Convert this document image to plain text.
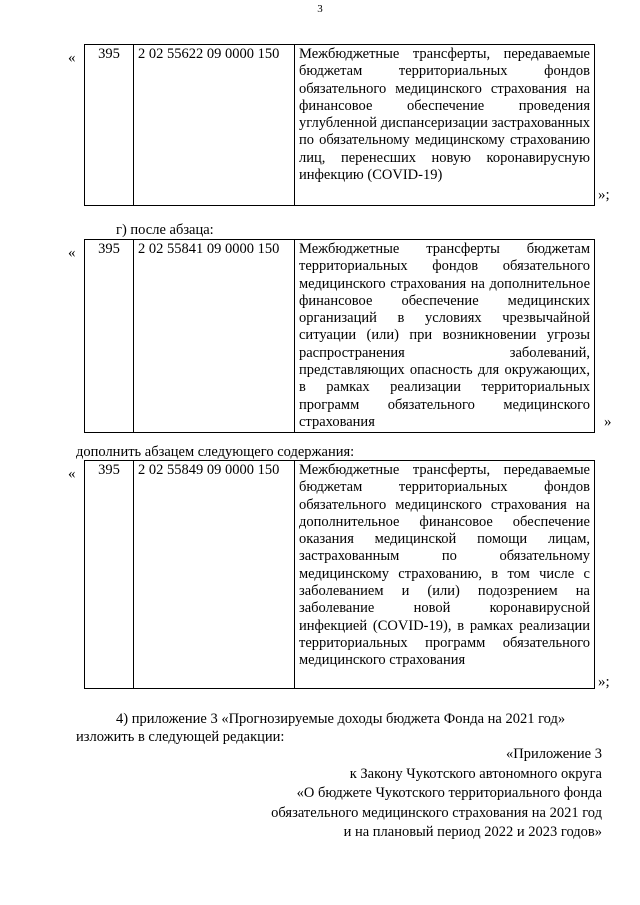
3
« 395	2 02 55622 09 0000 150	Межбюджетные трансферты, передаваемые бюджетам территориальных фондов обязательного медицинского страхования на финансовое обеспечение проведения углубленной диспансеризации застрахованных по обязательному медицинскому страхованию лиц, перенесших новую коронавирусную инфекцию (COVID-19)
»;
г) после абзаца:
« 395	2 02 55841 09 0000 150	Межбюджетные трансферты бюджетам территориальных фондов обязательного медицинского страхования на дополнительное финансовое обеспечение медицинских организаций в условиях чрезвычайной ситуации (или) при возникновении угрозы распространения заболеваний, представляющих опасность для окружающих, в рамках реализации территориальных программ обязательного медицинского страхования	»
дополнить абзацем следующего содержания:
« 395	2 02 55849 09 0000 150	Межбюджетные трансферты, передаваемые бюджетам территориальных фондов обязательного медицинского страхования на дополнительное финансовое обеспечение оказания медицинской помощи лицам, застрахованным по обязательному медицинскому страхованию, в том числе с заболеванием и (или) подозрением на заболевание новой коронавирусной инфекцией (COVID-19), в рамках реализации территориальных программ обязательного медицинского страхования
»;
4) приложение 3 «Прогнозируемые доходы бюджета Фонда на 2021 год»
изложить в следующей редакции:
«Приложение 3
к Закону Чукотского автономного округа
«О бюджете Чукотского территориального фонда
обязательного медицинского страхования на 2021 год
и на плановый период 2022 и 2023 годов»
